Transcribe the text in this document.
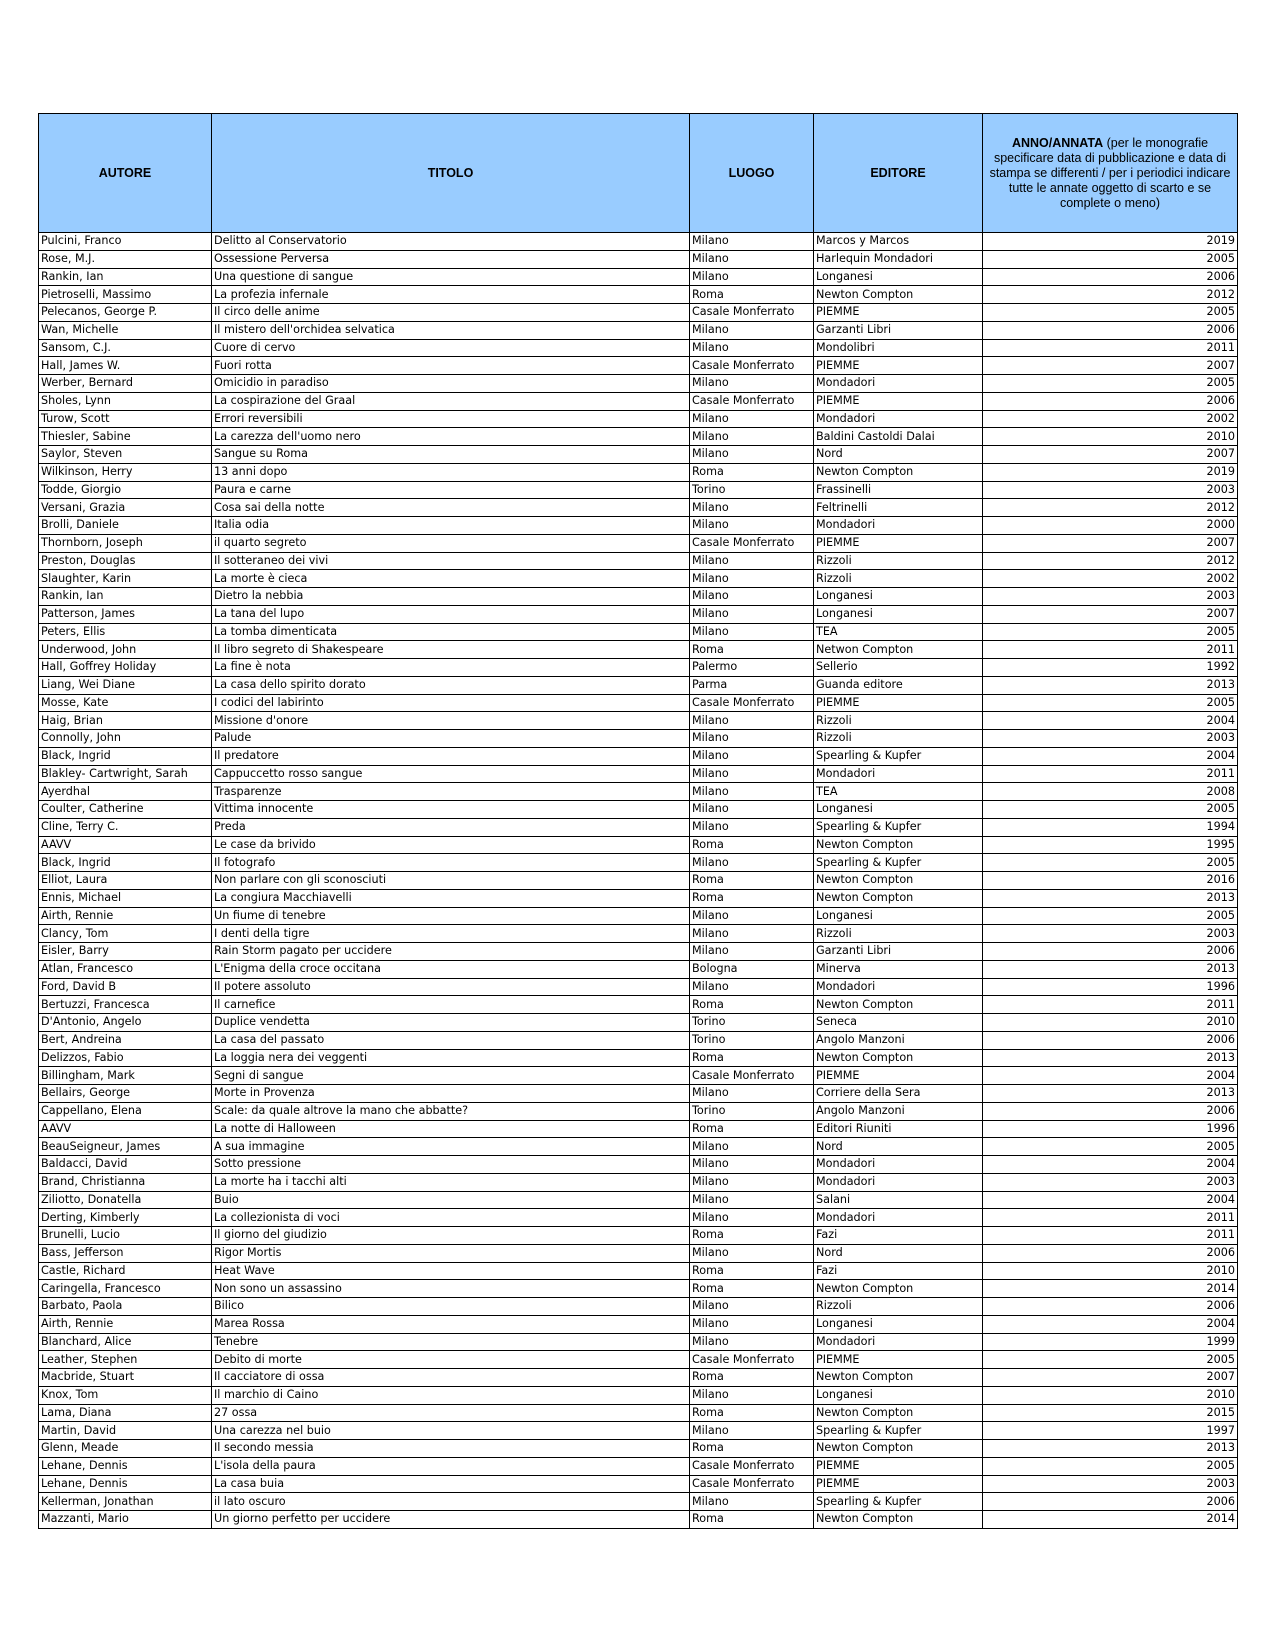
AUTORE	TITOLO	LUOGO	EDITORE	ANNO/ANNATA (per le monografie specificare data di pubblicazione e data di stampa se differenti / per i periodici indicare tutte le annate oggetto di scarto e se complete o meno)
Pulcini, Franco	Delitto al Conservatorio	Milano	Marcos y Marcos	2019
Rose, M.J.	Ossessione Perversa	Milano	Harlequin Mondadori	2005
Rankin, Ian	Una questione di sangue	Milano	Longanesi	2006
Pietroselli, Massimo	La profezia infernale	Roma	Newton Compton	2012
Pelecanos, George P.	Il circo delle anime	Casale Monferrato	PIEMME	2005
Wan, Michelle	Il mistero dell'orchidea selvatica	Milano	Garzanti Libri	2006
Sansom, C.J.	Cuore di cervo	Milano	Mondolibri	2011
Hall, James W.	Fuori rotta	Casale Monferrato	PIEMME	2007
Werber, Bernard	Omicidio in paradiso	Milano	Mondadori	2005
Sholes, Lynn	La cospirazione del Graal	Casale Monferrato	PIEMME	2006
Turow, Scott	Errori reversibili	Milano	Mondadori	2002
Thiesler, Sabine	La carezza dell'uomo nero	Milano	Baldini Castoldi Dalai	2010
Saylor, Steven	Sangue su Roma	Milano	Nord	2007
Wilkinson, Herry	13 anni dopo	Roma	Newton Compton	2019
Todde, Giorgio	Paura e carne	Torino	Frassinelli	2003
Versani, Grazia	Cosa sai della notte	Milano	Feltrinelli	2012
Brolli, Daniele	Italia odia	Milano	Mondadori	2000
Thornborn, Joseph	il quarto segreto	Casale Monferrato	PIEMME	2007
Preston, Douglas	Il sotteraneo dei vivi	Milano	Rizzoli	2012
Slaughter, Karin	La morte è cieca	Milano	Rizzoli	2002
Rankin, Ian	Dietro la nebbia	Milano	Longanesi	2003
Patterson, James	La tana del lupo	Milano	Longanesi	2007
Peters, Ellis	La tomba dimenticata	Milano	TEA	2005
Underwood, John	Il libro segreto di Shakespeare	Roma	Netwon Compton	2011
Hall, Goffrey Holiday	La fine è nota	Palermo	Sellerio	1992
Liang, Wei Diane	La casa dello spirito dorato	Parma	Guanda editore	2013
Mosse, Kate	I codici del labirinto	Casale Monferrato	PIEMME	2005
Haig, Brian	Missione d'onore	Milano	Rizzoli	2004
Connolly, John	Palude	Milano	Rizzoli	2003
Black, Ingrid	Il predatore	Milano	Spearling & Kupfer	2004
Blakley- Cartwright, Sarah	Cappuccetto rosso sangue	Milano	Mondadori	2011
Ayerdhal	Trasparenze	Milano	TEA	2008
Coulter, Catherine	Vittima innocente	Milano	Longanesi	2005
Cline, Terry C.	Preda	Milano	Spearling & Kupfer	1994
AAVV	Le case da brivido	Roma	Newton Compton	1995
Black, Ingrid	Il fotografo	Milano	Spearling & Kupfer	2005
Elliot, Laura	Non parlare con gli sconosciuti	Roma	Newton Compton	2016
Ennis, Michael	La congiura Macchiavelli	Roma	Newton Compton	2013
Airth, Rennie	Un fiume di tenebre	Milano	Longanesi	2005
Clancy, Tom	I denti della tigre	Milano	Rizzoli	2003
Eisler, Barry	Rain Storm pagato per uccidere	Milano	Garzanti Libri	2006
Atlan, Francesco	L'Enigma della croce occitana	Bologna	Minerva	2013
Ford, David B	Il potere assoluto	Milano	Mondadori	1996
Bertuzzi, Francesca	Il carnefice	Roma	Newton Compton	2011
D'Antonio, Angelo	Duplice vendetta	Torino	Seneca	2010
Bert, Andreina	La casa del passato	Torino	Angolo Manzoni	2006
Delizzos, Fabio	La loggia nera dei veggenti	Roma	Newton Compton	2013
Billingham, Mark	Segni di sangue	Casale Monferrato	PIEMME	2004
Bellairs, George	Morte in Provenza	Milano	Corriere della Sera	2013
Cappellano, Elena	Scale: da quale altrove la mano che abbatte?	Torino	Angolo Manzoni	2006
AAVV	La notte di Halloween	Roma	Editori Riuniti	1996
BeauSeigneur, James	A sua immagine	Milano	Nord	2005
Baldacci, David	Sotto pressione	Milano	Mondadori	2004
Brand, Christianna	La morte ha i tacchi alti	Milano	Mondadori	2003
Ziliotto, Donatella	Buio	Milano	Salani	2004
Derting, Kimberly	La collezionista di voci	Milano	Mondadori	2011
Brunelli, Lucio	Il giorno del giudizio	Roma	Fazi	2011
Bass, Jefferson	Rigor Mortis	Milano	Nord	2006
Castle, Richard	Heat Wave	Roma	Fazi	2010
Caringella, Francesco	Non sono un assassino	Roma	Newton Compton	2014
Barbato, Paola	Bilico	Milano	Rizzoli	2006
Airth, Rennie	Marea Rossa	Milano	Longanesi	2004
Blanchard, Alice	Tenebre	Milano	Mondadori	1999
Leather, Stephen	Debito di morte	Casale Monferrato	PIEMME	2005
Macbride, Stuart	Il cacciatore di ossa	Roma	Newton Compton	2007
Knox, Tom	Il marchio di Caino	Milano	Longanesi	2010
Lama, Diana	27 ossa	Roma	Newton Compton	2015
Martin, David	Una carezza nel buio	Milano	Spearling & Kupfer	1997
Glenn, Meade	Il secondo messia	Roma	Newton Compton	2013
Lehane, Dennis	L'isola della paura	Casale Monferrato	PIEMME	2005
Lehane, Dennis	La casa buia	Casale Monferrato	PIEMME	2003
Kellerman, Jonathan	il lato oscuro	Milano	Spearling & Kupfer	2006
Mazzanti, Mario	Un giorno perfetto per uccidere	Roma	Newton Compton	2014
